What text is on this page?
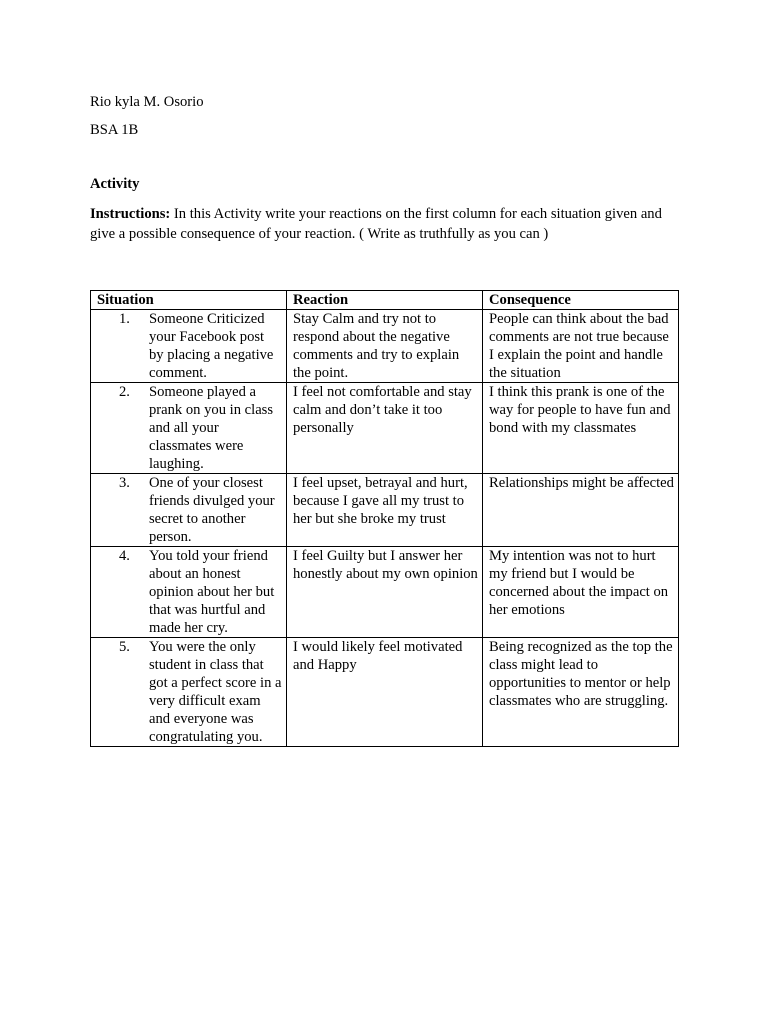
Rio kyla M. Osorio

BSA 1B

Activity

Instructions: In this Activity write your reactions on the first column for each situation given and give a possible consequence of your reaction. ( Write as truthfully as you can )

Situation	Reaction	Consequence

1. Someone Criticized your Facebook post by placing a negative comment.	Stay Calm and try not to respond about the negative comments and try to explain the point.	People can think about the bad comments are not true because I explain the point and handle the situation

2. Someone played a prank on you in class and all your classmates were laughing.	I feel not comfortable and stay calm and don’t take it too personally	I think this prank is one of the way for people to have fun and bond with my classmates

3. One of your closest friends divulged your secret to another person.	I feel upset, betrayal and hurt, because I gave all my trust to her but she broke my trust	Relationships might be affected

4. You told your friend about an honest opinion about her but that was hurtful and made her cry.	I feel Guilty but I answer her honestly about my own opinion	My intention was not to hurt my friend but I would be concerned about the impact on her emotions

5. You were the only student in class that got a perfect score in a very difficult exam and everyone was congratulating you.	I would likely feel motivated and Happy	Being recognized as the top the class might lead to opportunities to mentor or help classmates who are struggling.
